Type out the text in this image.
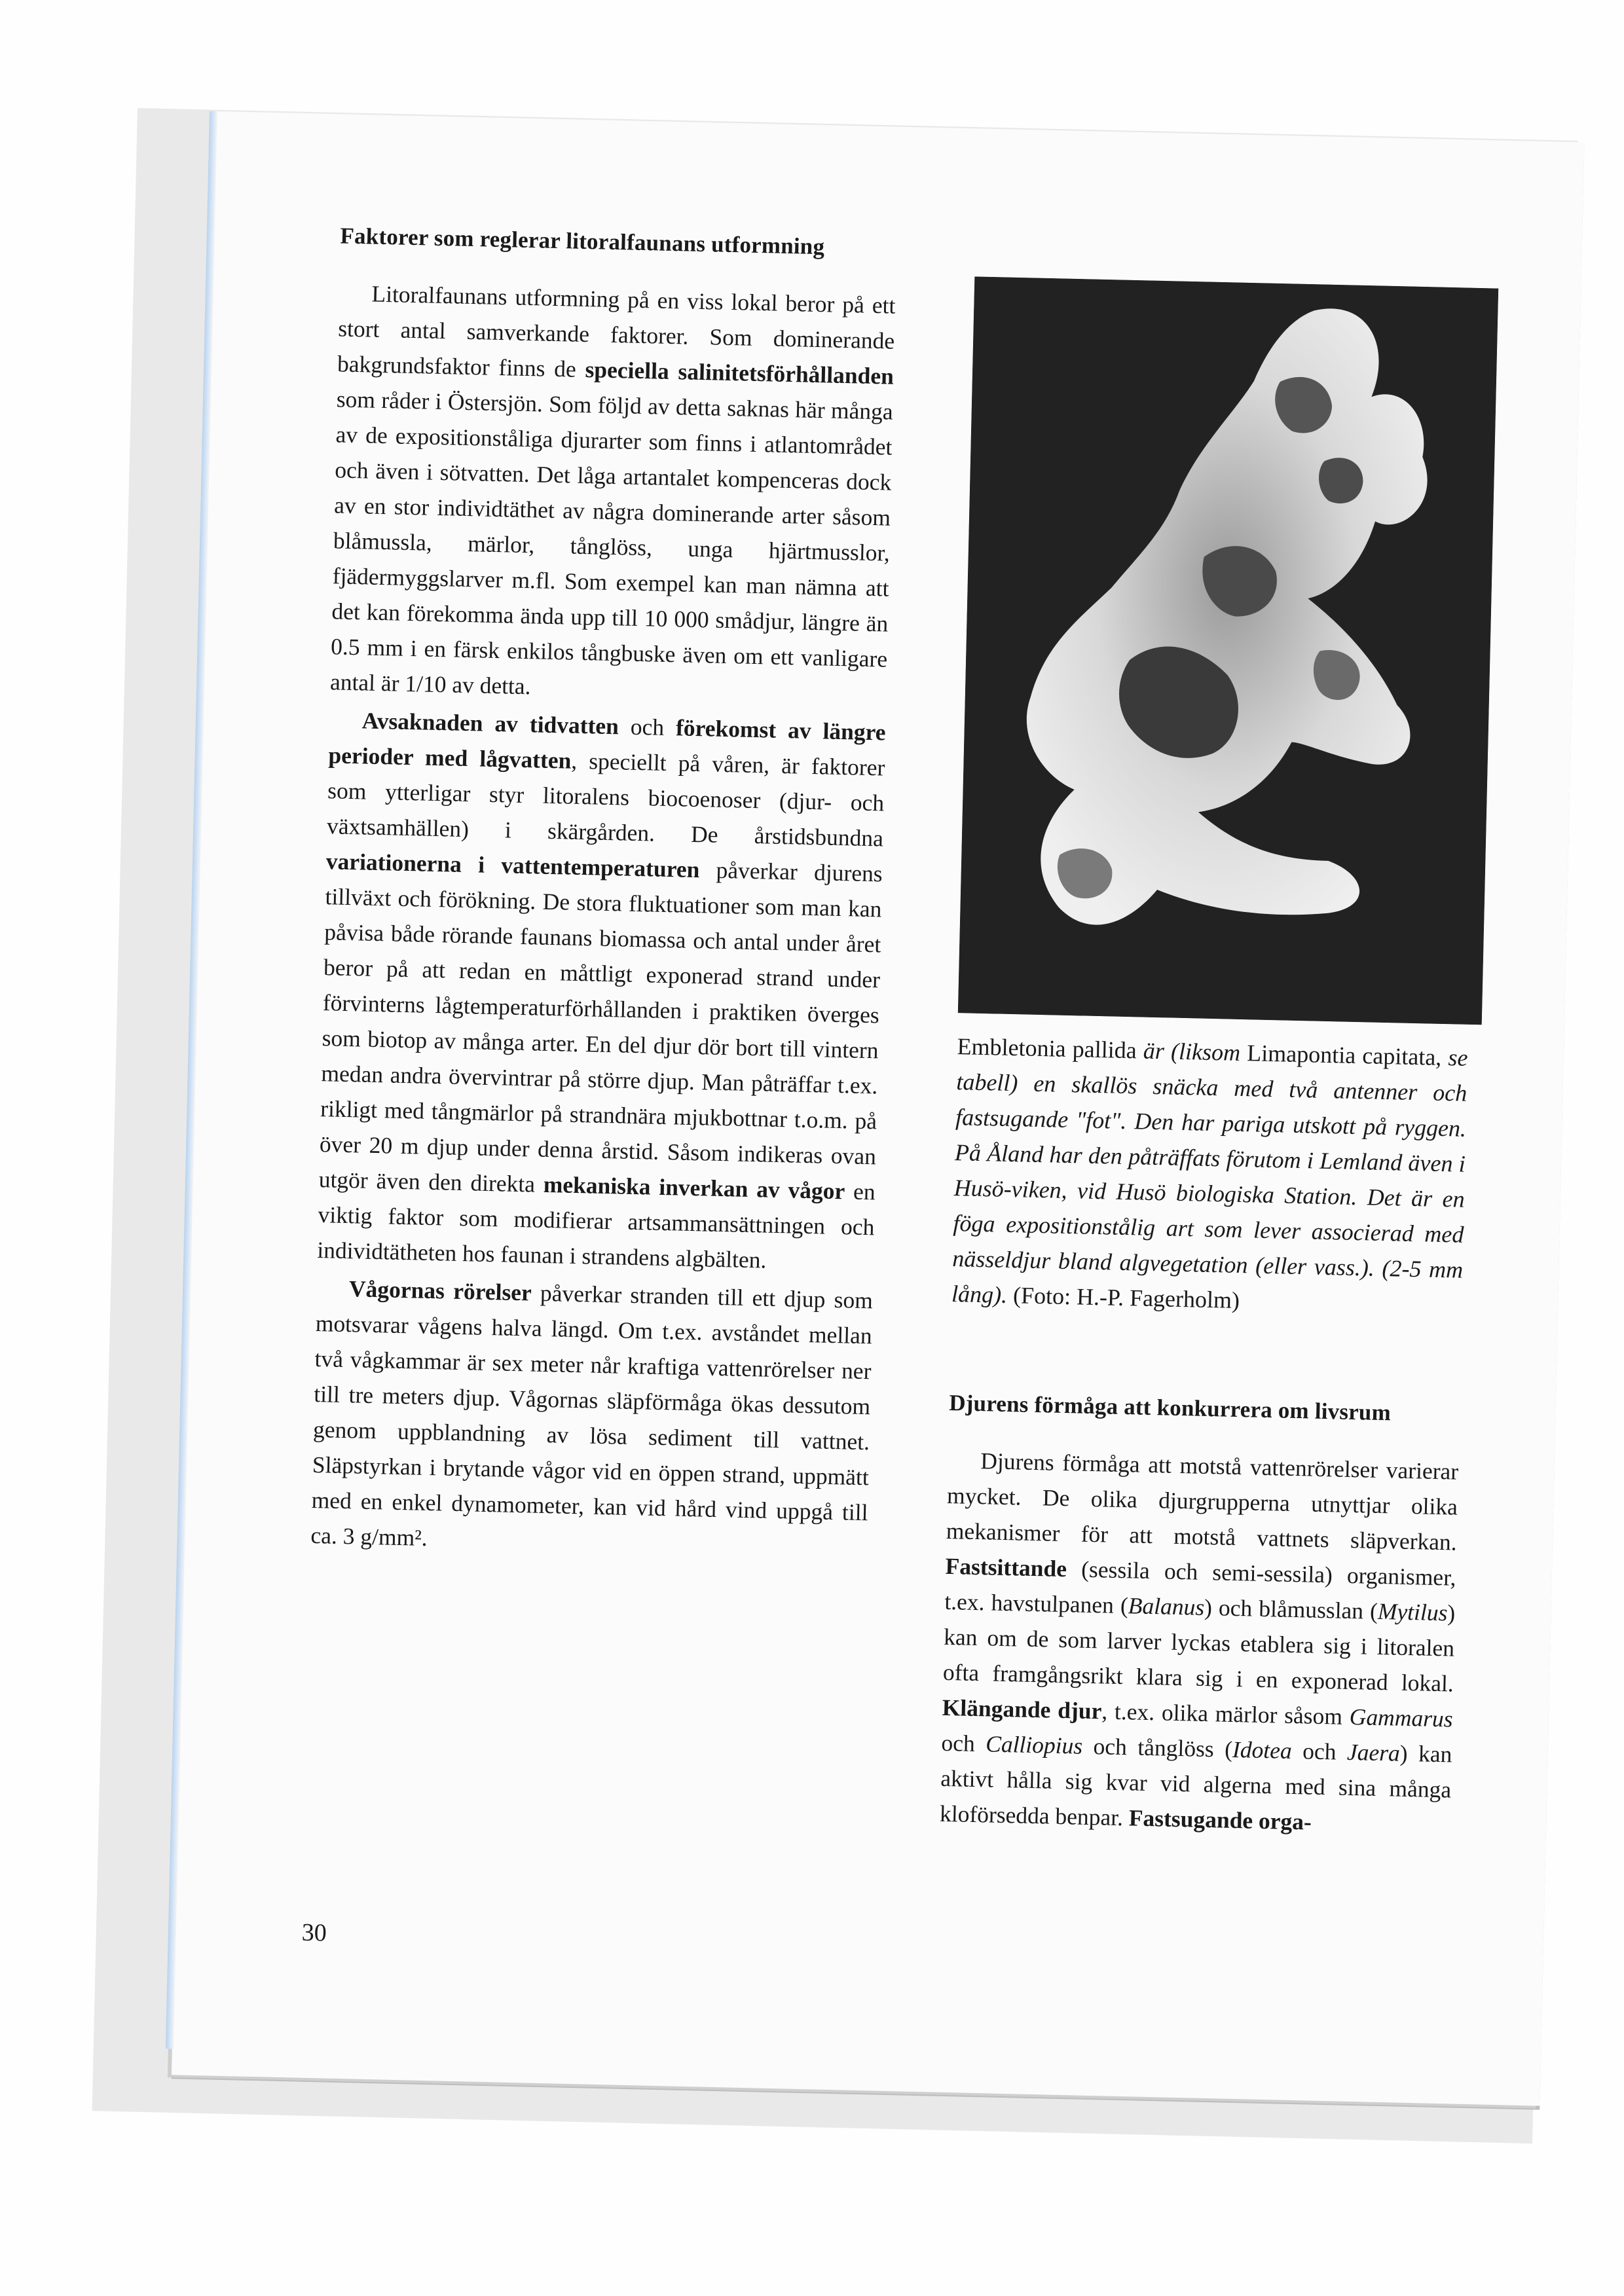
Faktorer som reglerar litoralfaunans utformning

Litoralfaunans utformning på en viss lokal beror på ett stort antal samverkande faktorer. Som dominerande bakgrundsfaktor finns de speciella salinitetsförhållanden som råder i Östersjön. Som följd av detta saknas här många av de expositionståliga djurarter som finns i atlantområdet och även i sötvatten. Det låga artantalet kompenceras dock av en stor individtäthet av några dominerande arter såsom blåmussla, märlor, tånglöss, unga hjärtmusslor, fjädermyggslarver m.fl. Som exempel kan man nämna att det kan förekomma ända upp till 10 000 smådjur, längre än 0.5 mm i en färsk enkilos tångbuske även om ett vanligare antal är 1/10 av detta.

Avsaknaden av tidvatten och förekomst av längre perioder med lågvatten, speciellt på våren, är faktorer som ytterligar styr litoralens biocoenoser (djur- och växtsamhällen) i skärgården. De årstidsbundna variationerna i vattentemperaturen påverkar djurens tillväxt och förökning. De stora fluktuationer som man kan påvisa både rörande faunans biomassa och antal under året beror på att redan en måttligt exponerad strand under förvinterns lågtemperaturförhållanden i praktiken överges som biotop av många arter. En del djur dör bort till vintern medan andra övervintrar på större djup. Man påträffar t.ex. rikligt med tångmärlor på strandnära mjukbottnar t.o.m. på över 20 m djup under denna årstid. Såsom indikeras ovan utgör även den direkta mekaniska inverkan av vågor en viktig faktor som modifierar artsammansättningen och individtätheten hos faunan i strandens algbälten.

Vågornas rörelser påverkar stranden till ett djup som motsvarar vågens halva längd. Om t.ex. avståndet mellan två vågkammar är sex meter når kraftiga vattenrörelser ner till tre meters djup. Vågornas släpförmåga ökas dessutom genom uppblandning av lösa sediment till vattnet. Släpstyrkan i brytande vågor vid en öppen strand, uppmätt med en enkel dynamometer, kan vid hård vind uppgå till ca. 3 g/mm².

Embletonia pallida är (liksom Limapontia capitata, se tabell) en skallös snäcka med två antenner och fastsugande "fot". Den har pariga utskott på ryggen. På Åland har den påträffats förutom i Lemland även i Husö-viken, vid Husö biologiska Station. Det är en föga expositionstålig art som lever associerad med nässeldjur bland algvegetation (eller vass.). (2-5 mm lång). (Foto: H.-P. Fagerholm)

Djurens förmåga att konkurrera om livsrum

Djurens förmåga att motstå vattenrörelser varierar mycket. De olika djurgrupperna utnyttjar olika mekanismer för att motstå vattnets släpverkan. Fastsittande (sessila och semi-sessila) organismer, t.ex. havstulpanen (Balanus) och blåmusslan (Mytilus) kan om de som larver lyckas etablera sig i litoralen ofta framgångsrikt klara sig i en exponerad lokal. Klängande djur, t.ex. olika märlor såsom Gammarus och Calliopius och tånglöss (Idotea och Jaera) kan aktivt hålla sig kvar vid algerna med sina många kloförsedda benpar. Fastsugande orga-

30
